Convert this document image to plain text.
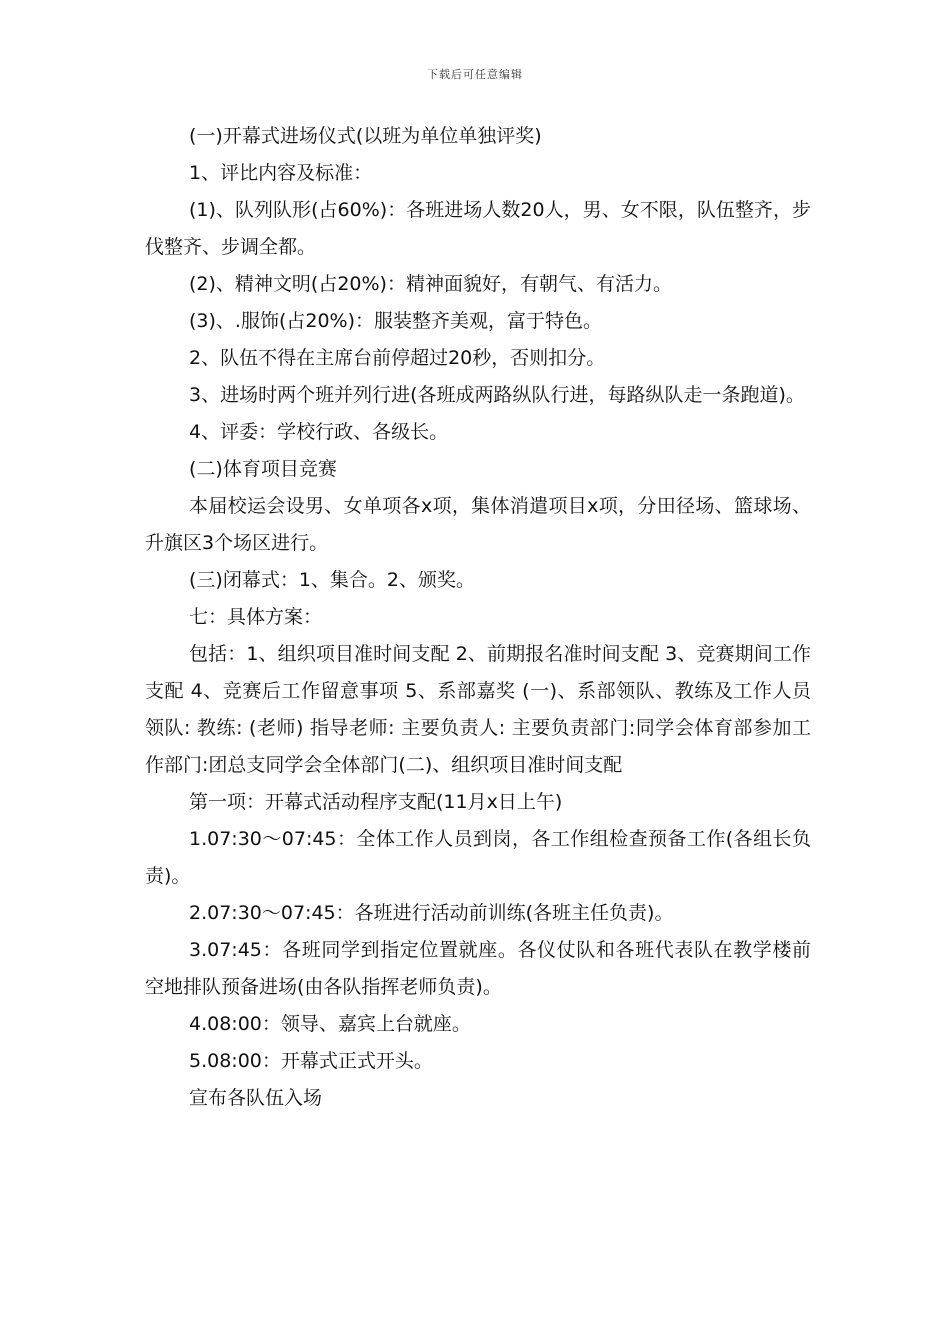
下载后可任意编辑

(一)开幕式进场仪式(以班为单位单独评奖)

1、评比内容及标准：

(1)、队列队形(占60%)：各班进场人数20人，男、女不限，队伍整齐，步伐整齐、步调全都。

(2)、精神文明(占20%)：精神面貌好，有朝气、有活力。

(3)、.服饰(占20%)：服装整齐美观，富于特色。

2、队伍不得在主席台前停超过20秒，否则扣分。

3、进场时两个班并列行进(各班成两路纵队行进，每路纵队走一条跑道)。

4、评委：学校行政、各级长。

(二)体育项目竞赛

本届校运会设男、女单项各x项，集体消遣项目x项，分田径场、篮球场、升旗区3个场区进行。

(三)闭幕式：1、集合。2、颁奖。

七：具体方案：

包括：1、组织项目准时间支配 2、前期报名准时间支配 3、竞赛期间工作支配 4、竞赛后工作留意事项 5、系部嘉奖 (一)、系部领队、教练及工作人员 领队: 教练: (老师) 指导老师: 主要负责人: 主要负责部门:同学会体育部参加工作部门:团总支同学会全体部门(二)、组织项目准时间支配

第一项：开幕式活动程序支配(11月x日上午)

1.07:30～07:45：全体工作人员到岗，各工作组检查预备工作(各组长负责)。

2.07:30～07:45：各班进行活动前训练(各班主任负责)。

3.07:45：各班同学到指定位置就座。各仪仗队和各班代表队在教学楼前空地排队预备进场(由各队指挥老师负责)。

4.08:00：领导、嘉宾上台就座。

5.08:00：开幕式正式开头。

宣布各队伍入场
